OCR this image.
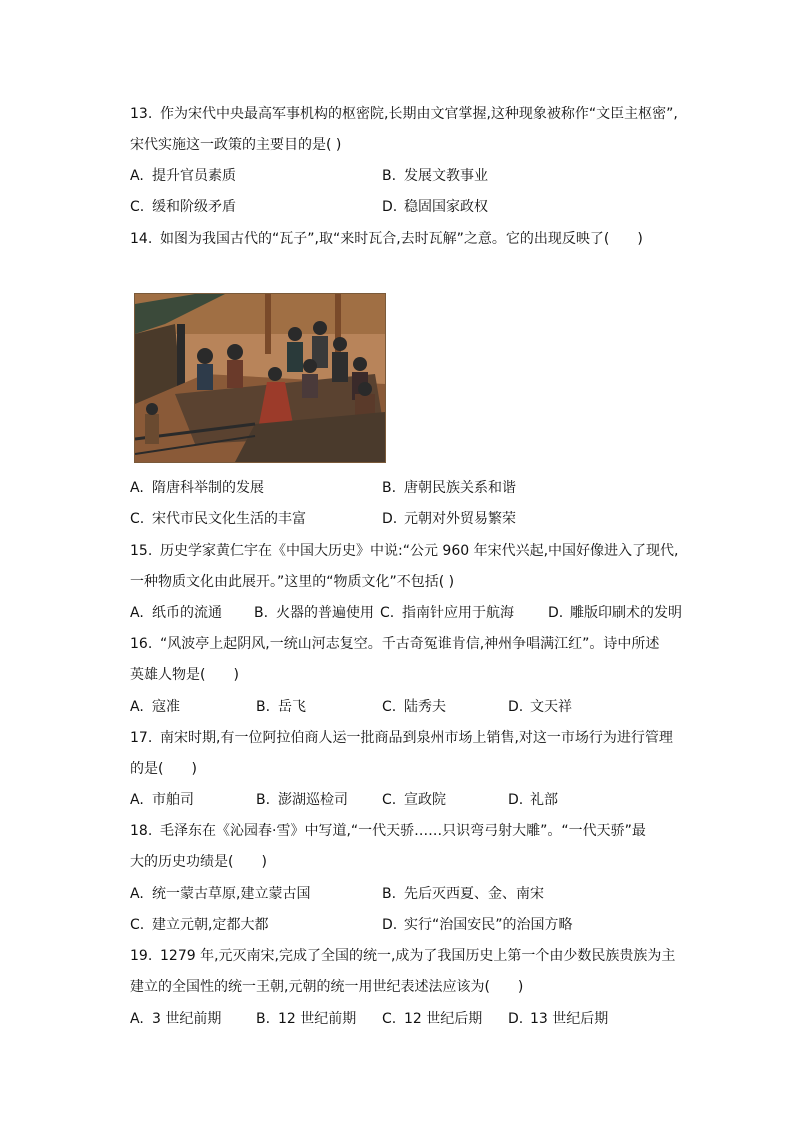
13. 作为宋代中央最高军事机构的枢密院,长期由文官掌握,这种现象被称作“文臣主枢密”,
宋代实施这一政策的主要目的是( )
A. 提升官员素质	B. 发展文教事业
C. 缓和阶级矛盾	D. 稳固国家政权
14. 如图为我国古代的“瓦子”,取“来时瓦合,去时瓦解”之意。它的出现反映了(　　)
A. 隋唐科举制的发展	B. 唐朝民族关系和谐
C. 宋代市民文化生活的丰富	D. 元朝对外贸易繁荣
15. 历史学家黄仁宇在《中国大历史》中说:“公元 960 年宋代兴起,中国好像进入了现代,
一种物质文化由此展开。”这里的“物质文化”不包括( )
A. 纸币的流通 B. 火器的普遍使用 C. 指南针应用于航海 D. 雕版印刷术的发明
16. “风波亭上起阴风,一统山河志复空。千古奇冤谁肯信,神州争唱满江红”。诗中所述
英雄人物是(　　)
A. 寇准	B. 岳飞	C. 陆秀夫	D. 文天祥
17. 南宋时期,有一位阿拉伯商人运一批商品到泉州市场上销售,对这一市场行为进行管理
的是(　　)
A. 市舶司	B. 澎湖巡检司 C. 宣政院	D. 礼部
18. 毛泽东在《沁园春·雪》中写道,“一代天骄……只识弯弓射大雕”。“一代天骄”最
大的历史功绩是(　　)
A. 统一蒙古草原,建立蒙古国	B. 先后灭西夏、金、南宋
C. 建立元朝,定都大都	D. 实行“治国安民”的治国方略
19. 1279 年,元灭南宋,完成了全国的统一,成为了我国历史上第一个由少数民族贵族为主
建立的全国性的统一王朝,元朝的统一用世纪表述法应该为(　　)
A. 3 世纪前期 B. 12 世纪前期 C. 12 世纪后期 D. 13 世纪后期
